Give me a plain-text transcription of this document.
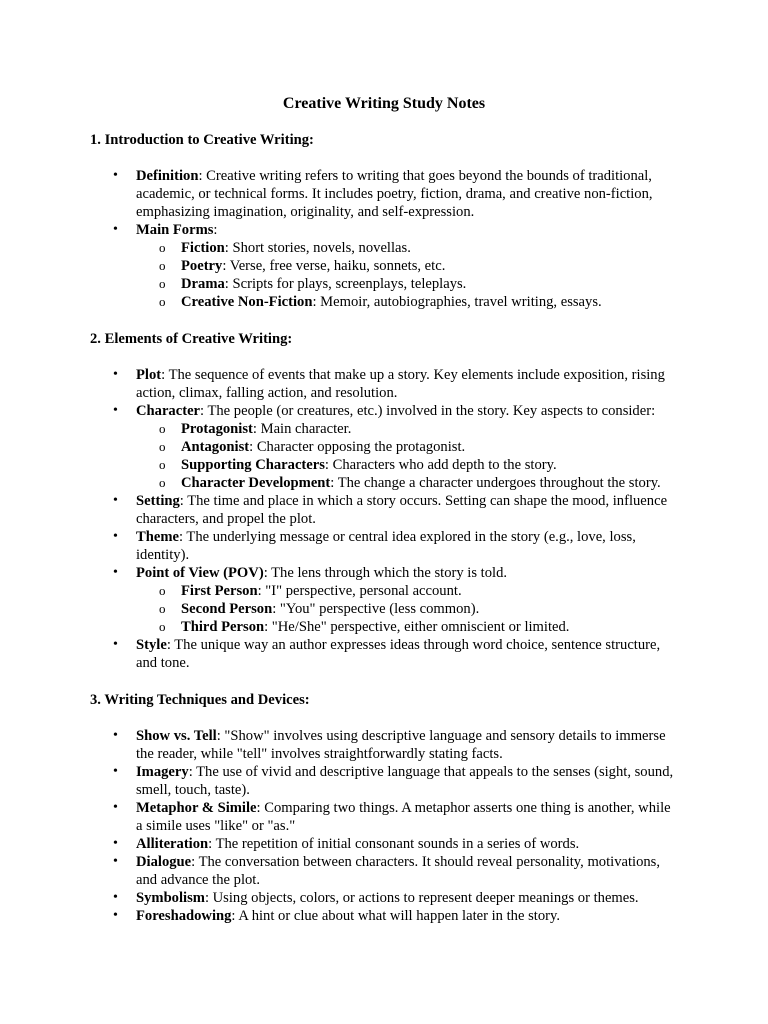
Creative Writing Study Notes
1. Introduction to Creative Writing:
• Definition: Creative writing refers to writing that goes beyond the bounds of traditional, academic, or technical forms. It includes poetry, fiction, drama, and creative non-fiction, emphasizing imagination, originality, and self-expression.
• Main Forms:
o Fiction: Short stories, novels, novellas.
o Poetry: Verse, free verse, haiku, sonnets, etc.
o Drama: Scripts for plays, screenplays, teleplays.
o Creative Non-Fiction: Memoir, autobiographies, travel writing, essays.
2. Elements of Creative Writing:
• Plot: The sequence of events that make up a story. Key elements include exposition, rising action, climax, falling action, and resolution.
• Character: The people (or creatures, etc.) involved in the story. Key aspects to consider:
o Protagonist: Main character.
o Antagonist: Character opposing the protagonist.
o Supporting Characters: Characters who add depth to the story.
o Character Development: The change a character undergoes throughout the story.
• Setting: The time and place in which a story occurs. Setting can shape the mood, influence characters, and propel the plot.
• Theme: The underlying message or central idea explored in the story (e.g., love, loss, identity).
• Point of View (POV): The lens through which the story is told.
o First Person: "I" perspective, personal account.
o Second Person: "You" perspective (less common).
o Third Person: "He/She" perspective, either omniscient or limited.
• Style: The unique way an author expresses ideas through word choice, sentence structure, and tone.
3. Writing Techniques and Devices:
• Show vs. Tell: "Show" involves using descriptive language and sensory details to immerse the reader, while "tell" involves straightforwardly stating facts.
• Imagery: The use of vivid and descriptive language that appeals to the senses (sight, sound, smell, touch, taste).
• Metaphor & Simile: Comparing two things. A metaphor asserts one thing is another, while a simile uses "like" or "as."
• Alliteration: The repetition of initial consonant sounds in a series of words.
• Dialogue: The conversation between characters. It should reveal personality, motivations, and advance the plot.
• Symbolism: Using objects, colors, or actions to represent deeper meanings or themes.
• Foreshadowing: A hint or clue about what will happen later in the story.
